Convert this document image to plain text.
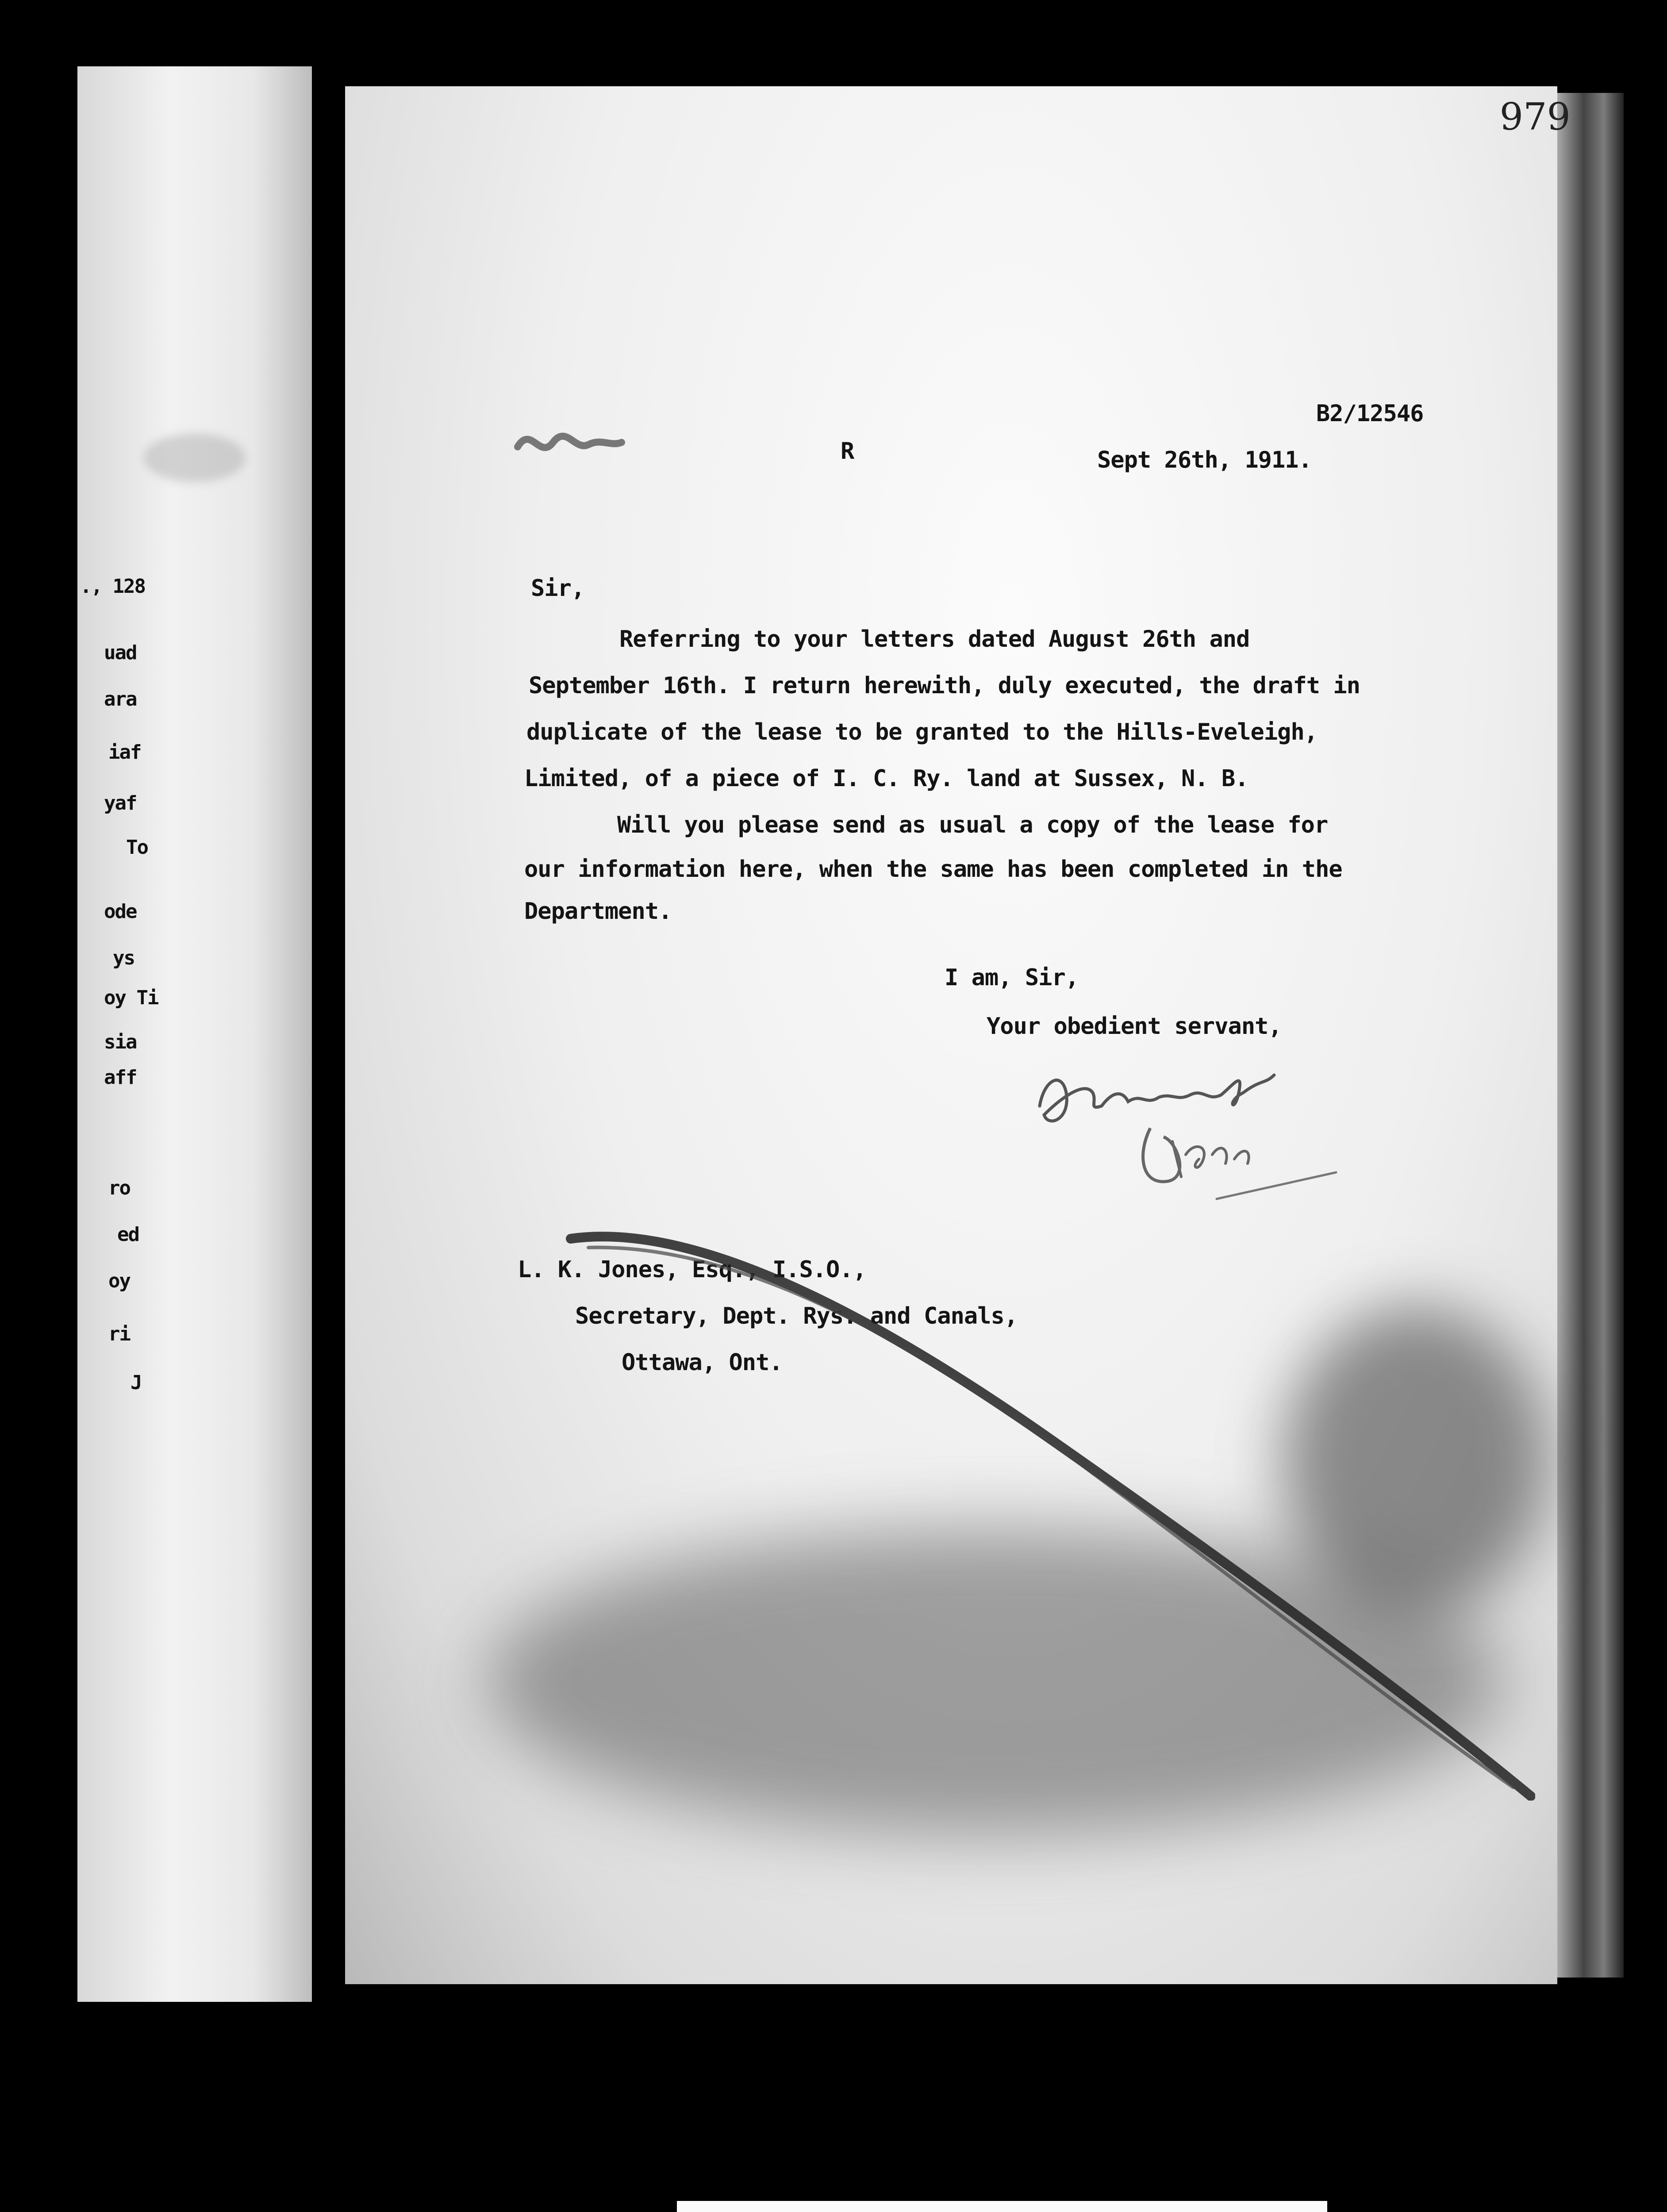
., 128
uad
ara
iaf
yaf
To
ode
ys
oy Ti
sia
aff
ro
ed
oy
ri
J
979
R
B2/12546
Sept 26th, 1911.
Sir,
Referring to your letters dated August 26th and
September 16th. I return herewith, duly executed, the draft in
duplicate of the lease to be granted to the Hills-Eveleigh,
Limited, of a piece of I. C. Ry. land at Sussex, N. B.
Will you please send as usual a copy of the lease for
our information here, when the same has been completed in the
Department.
I am, Sir,
Your obedient servant,
L. K. Jones, Esq., I.S.O.,
Secretary, Dept. Rys. and Canals,
Ottawa, Ont.
